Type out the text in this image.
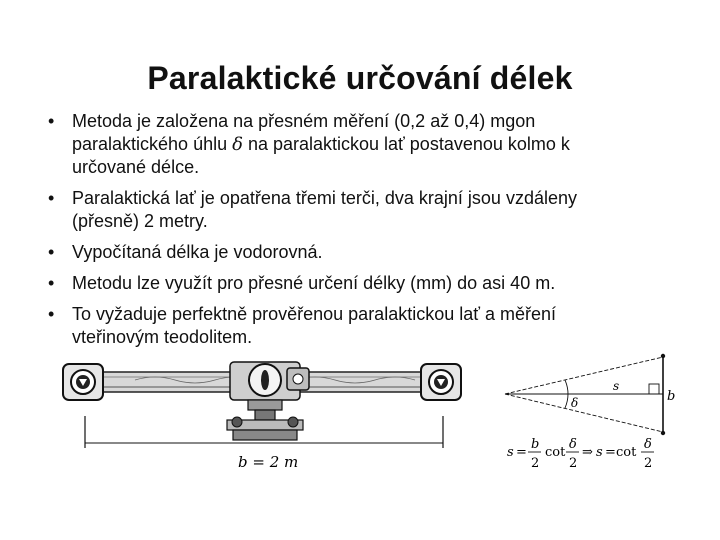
Paralaktické určování délek
• Metoda je založena na přesném měření (0,2 až 0,4) mgon paralaktického úhlu δ na paralaktickou lať postavenou kolmo k určované délce.
• Paralaktická lať je opatřena třemi terči, dva krajní jsou vzdáleny (přesně) 2 metry.
• Vypočítaná délka je vodorovná.
• Metodu lze využít pro přesné určení délky (mm) do asi 40 m.
• To vyžaduje perfektně prověřenou paralaktickou lať a měření vteřinovým teodolitem.
b = 2 m
s
b
δ
s =
b
2
cot
δ
2
⇒ s = cot
δ
2
